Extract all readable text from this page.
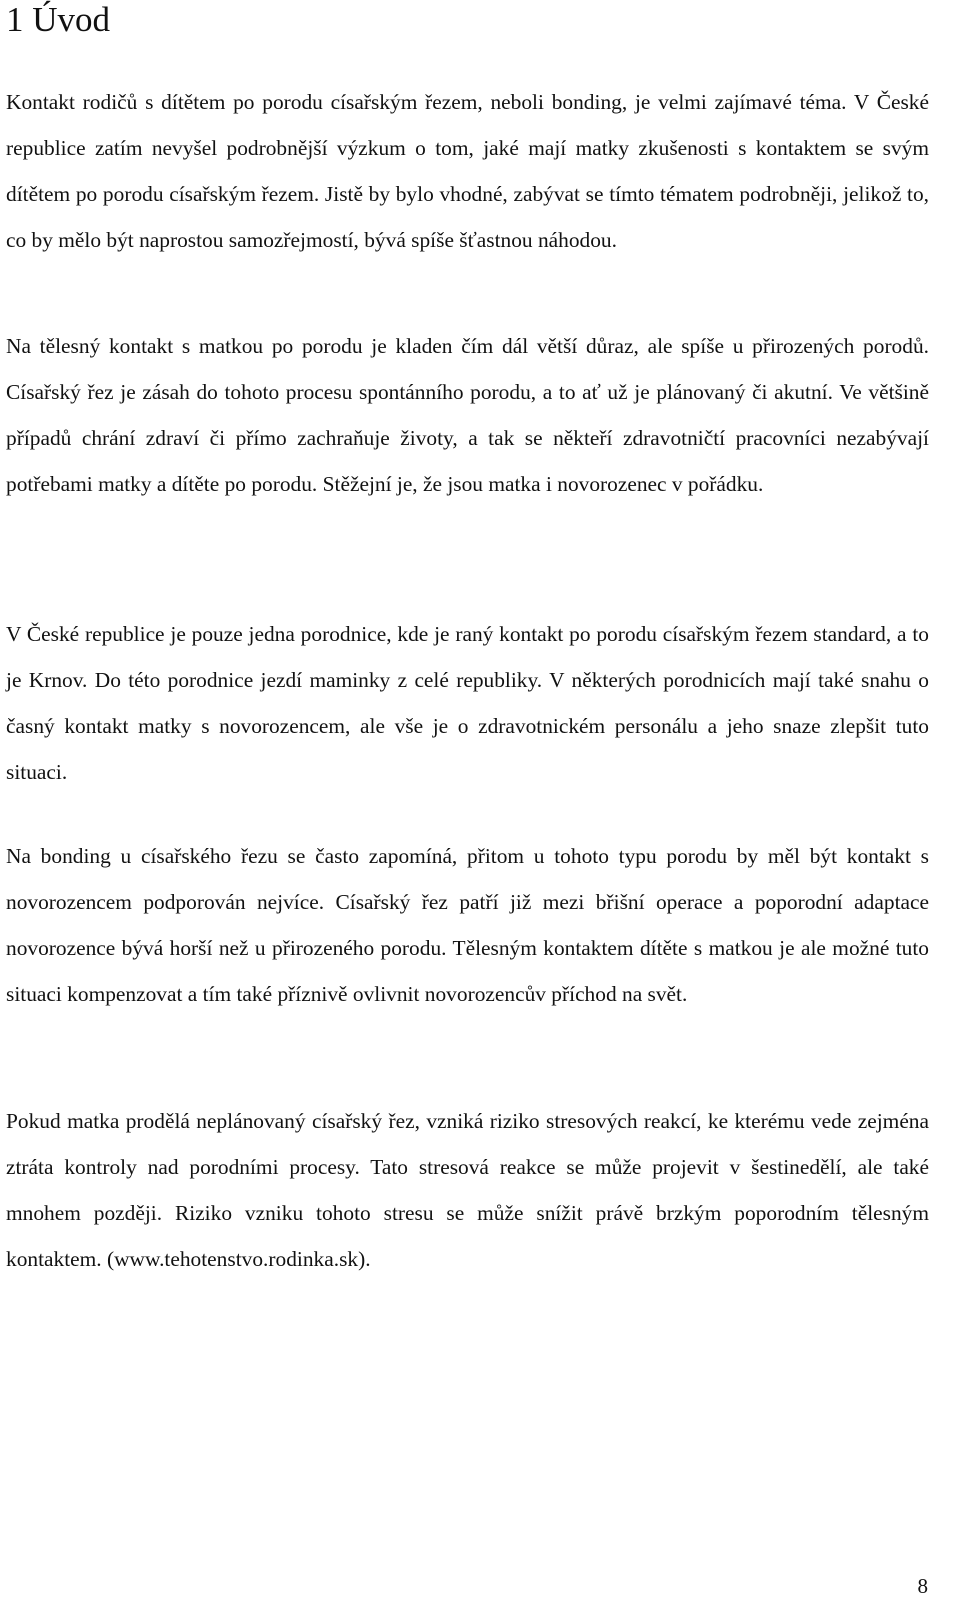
1 Úvod

Kontakt rodičů s dítětem po porodu císařským řezem, neboli bonding, je velmi zajímavé téma. V České republice zatím nevyšel podrobnější výzkum o tom, jaké mají matky zkušenosti s kontaktem se svým dítětem po porodu císařským řezem. Jistě by bylo vhodné, zabývat se tímto tématem podrobněji, jelikož to, co by mělo být naprostou samozřejmostí, bývá spíše šťastnou náhodou.

Na tělesný kontakt s matkou po porodu je kladen čím dál větší důraz, ale spíše u přirozených porodů. Císařský řez je zásah do tohoto procesu spontánního porodu, a to ať už je plánovaný či akutní. Ve většině případů chrání zdraví či přímo zachraňuje životy, a tak se někteří zdravotničtí pracovníci nezabývají potřebami matky a dítěte po porodu. Stěžejní je, že jsou matka i novorozenec v pořádku.

V České republice je pouze jedna porodnice, kde je raný kontakt po porodu císařským řezem standard, a to je Krnov. Do této porodnice jezdí maminky z celé republiky. V některých porodnicích mají také snahu o časný kontakt matky s novorozencem, ale vše je o zdravotnickém personálu a jeho snaze zlepšit tuto situaci.

Na bonding u císařského řezu se často zapomíná, přitom u tohoto typu porodu by měl být kontakt s novorozencem podporován nejvíce. Císařský řez patří již mezi břišní operace a poporodní adaptace novorozence bývá horší než u přirozeného porodu. Tělesným kontaktem dítěte s matkou je ale možné tuto situaci kompenzovat a tím také příznivě ovlivnit novorozencův příchod na svět.

Pokud matka prodělá neplánovaný císařský řez, vzniká riziko stresových reakcí, ke kterému vede zejména ztráta kontroly nad porodními procesy. Tato stresová reakce se může projevit v šestinedělí, ale také mnohem později. Riziko vzniku tohoto stresu se může snížit právě brzkým poporodním tělesným kontaktem. (www.tehotenstvo.rodinka.sk).

8
